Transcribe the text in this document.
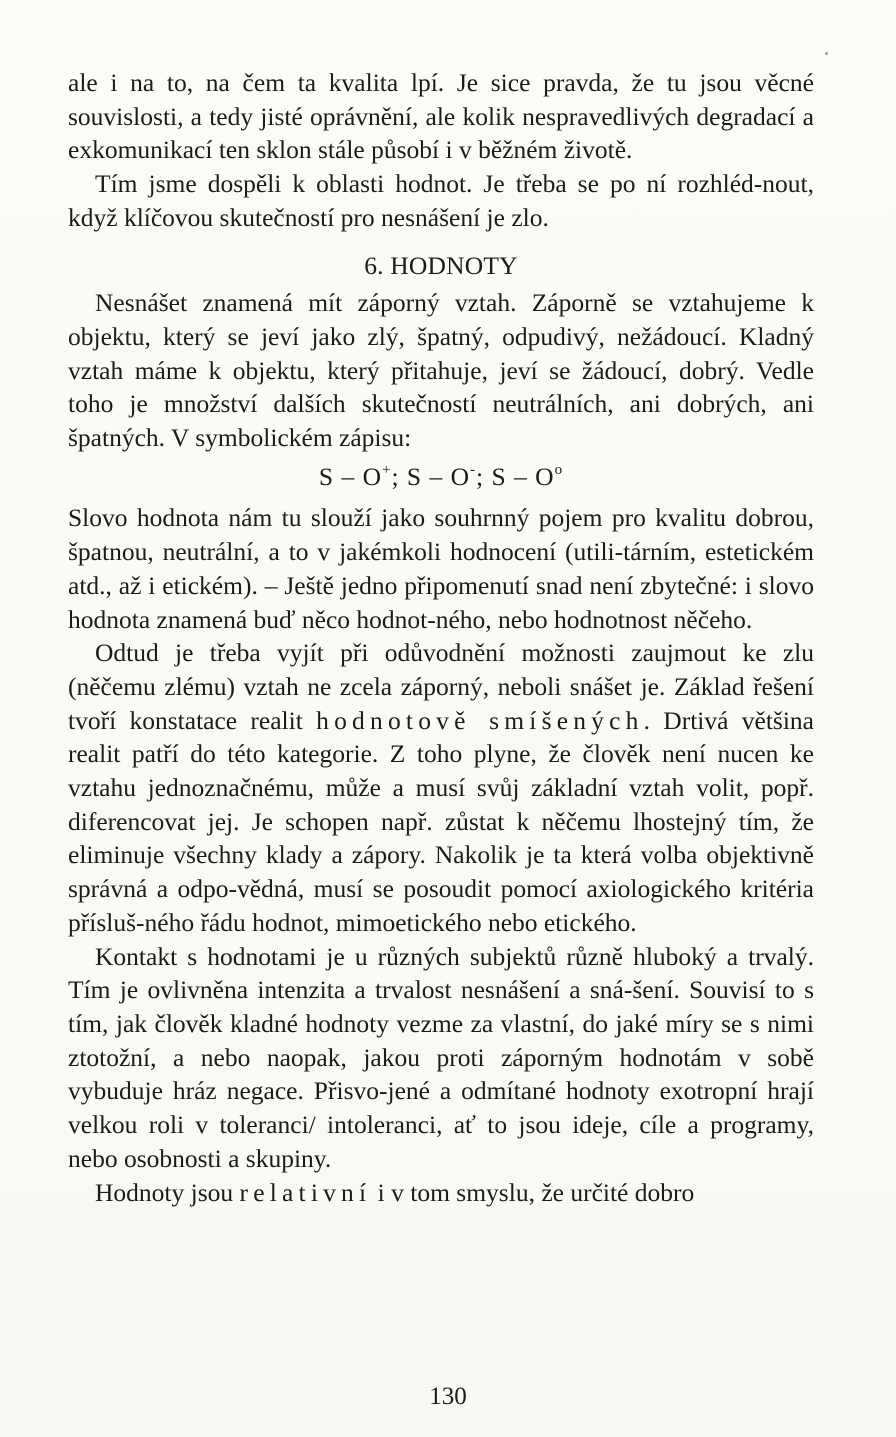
ale i na to, na čem ta kvalita lpí. Je sice pravda, že tu jsou věcné souvislosti, a tedy jisté oprávnění, ale kolik nespravedlivých degradací a exkomunikací ten sklon stále působí i v běžném životě.

Tím jsme dospěli k oblasti hodnot. Je třeba se po ní rozhléd-nout, když klíčovou skutečností pro nesnášení je zlo.

6. HODNOTY

Nesnášet znamená mít záporný vztah. Záporně se vztahujeme k objektu, který se jeví jako zlý, špatný, odpudivý, nežádoucí. Kladný vztah máme k objektu, který přitahuje, jeví se žádoucí, dobrý. Vedle toho je množství dalších skutečností neutrálních, ani dobrých, ani špatných. V symbolickém zápisu:

S – O+; S – O-; S – $O^o$

Slovo hodnota nám tu slouží jako souhrnný pojem pro kvalitu dobrou, špatnou, neutrální, a to v jakémkoli hodnocení (utili-tárním, estetickém atd., až i etickém). – Ještě jedno připomenutí snad není zbytečné: i slovo hodnota znamená buď něco hodnot-ného, nebo hodnotnost něčeho.

Odtud je třeba vyjít při odůvodnění možnosti zaujmout ke zlu (něčemu zlému) vztah ne zcela záporný, neboli snášet je. Základ řešení tvoří konstatace realit hodnotově smíšených. Drtivá většina realit patří do této kategorie. Z toho plyne, že člověk není nucen ke vztahu jednoznačnému, může a musí svůj základní vztah volit, popř. diferencovat jej. Je schopen např. zůstat k něčemu lhostejný tím, že eliminuje všechny klady a zápory. Nakolik je ta která volba objektivně správná a odpo-vědná, musí se posoudit pomocí axiologického kritéria přísluš-ného řádu hodnot, mimoetického nebo etického.

Kontakt s hodnotami je u různých subjektů různě hluboký a trvalý. Tím je ovlivněna intenzita a trvalost nesnášení a sná-šení. Souvisí to s tím, jak člověk kladné hodnoty vezme za vlastní, do jaké míry se s nimi ztotožní, a nebo naopak, jakou proti záporným hodnotám v sobě vybuduje hráz negace. Přisvo-jené a odmítané hodnoty exotropní hrají velkou roli v toleranci/ intoleranci, ať to jsou ideje, cíle a programy, nebo osobnosti a skupiny.

Hodnoty jsou relativní i v tom smyslu, že určité dobro

130
